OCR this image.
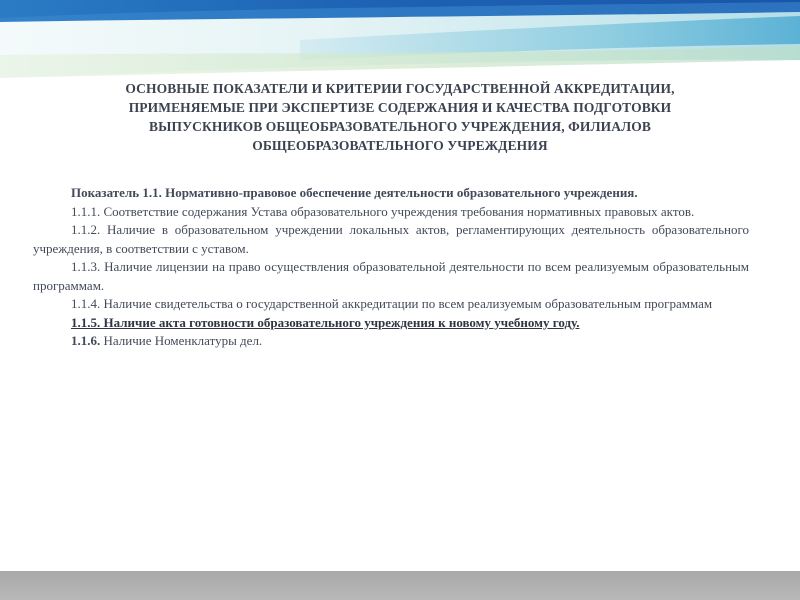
ОСНОВНЫЕ ПОКАЗАТЕЛИ И КРИТЕРИИ ГОСУДАРСТВЕННОЙ АККРЕДИТАЦИИ,
ПРИМЕНЯЕМЫЕ ПРИ ЭКСПЕРТИЗЕ СОДЕРЖАНИЯ И КАЧЕСТВА ПОДГОТОВКИ
ВЫПУСКНИКОВ ОБЩЕОБРАЗОВАТЕЛЬНОГО УЧРЕЖДЕНИЯ, ФИЛИАЛОВ
ОБЩЕОБРАЗОВАТЕЛЬНОГО УЧРЕЖДЕНИЯ

Показатель 1.1. Нормативно-правовое обеспечение деятельности образовательного учреждения.

1.1.1. Соответствие содержания Устава образовательного учреждения требования нормативных правовых актов.

1.1.2. Наличие в образовательном учреждении локальных актов, регламентирующих деятельность образовательного учреждения, в соответствии с уставом.

1.1.3. Наличие лицензии на право осуществления образовательной деятельности по всем реализуемым образовательным программам.

1.1.4. Наличие свидетельства о государственной аккредитации по всем реализуемым образовательным программам

1.1.5. Наличие акта готовности образовательного учреждения к новому учебному году.

1.1.6. Наличие Номенклатуры дел.
